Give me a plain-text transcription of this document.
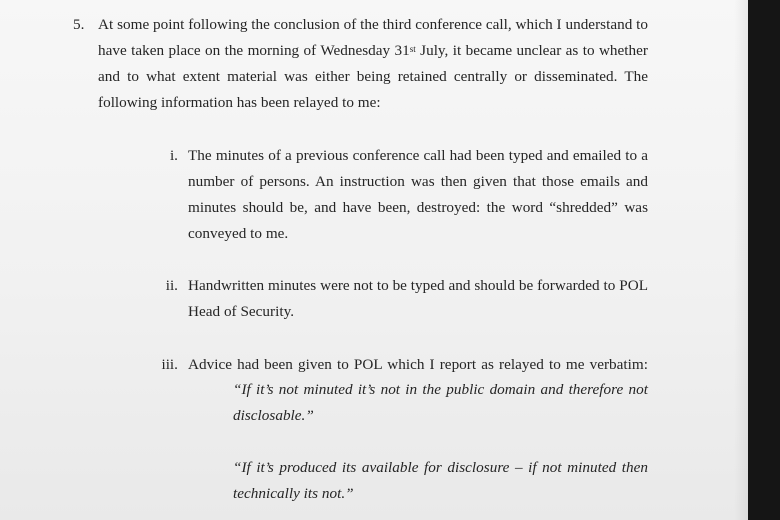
5. At some point following the conclusion of the third conference call, which I understand to
have taken place on the morning of Wednesday 31st July, it became unclear as to whether
and to what extent material was either being retained centrally or disseminated. The
following information has been relayed to me:
i. The minutes of a previous conference call had been typed and emailed to a
number of persons. An instruction was then given that those emails and
minutes should be, and have been, destroyed: the word “shredded” was
conveyed to me.
ii. Handwritten minutes were not to be typed and should be forwarded to POL
Head of Security.
iii. Advice had been given to POL which I report as relayed to me verbatim:
“If it’s not minuted it’s not in the public domain and therefore not
disclosable.”
“If it’s produced its available for disclosure – if not minuted then
technically its not.”
